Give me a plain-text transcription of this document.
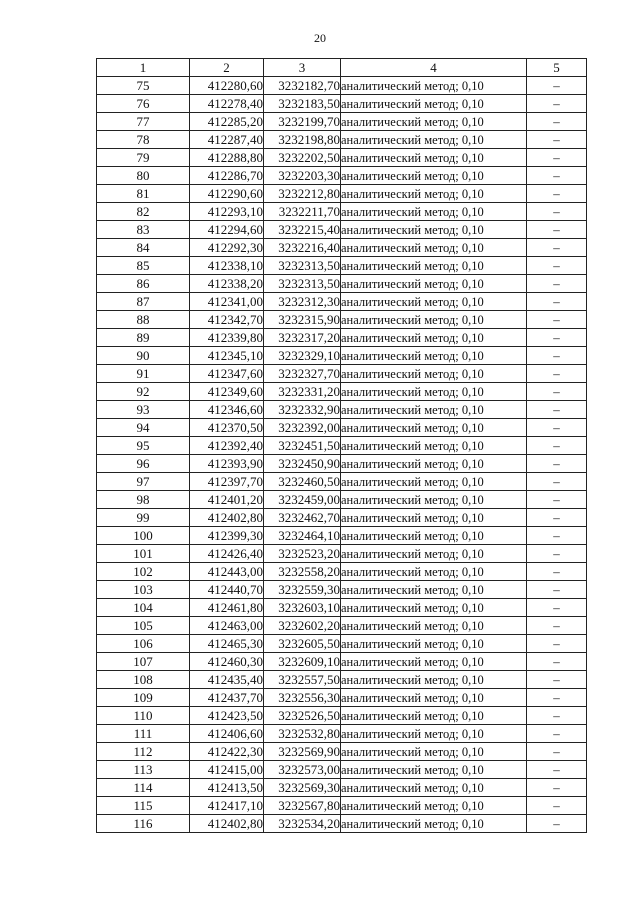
20
1	2	3	4	5
75	412280,60	3232182,70	аналитический метод; 0,10	–
76	412278,40	3232183,50	аналитический метод; 0,10	–
77	412285,20	3232199,70	аналитический метод; 0,10	–
78	412287,40	3232198,80	аналитический метод; 0,10	–
79	412288,80	3232202,50	аналитический метод; 0,10	–
80	412286,70	3232203,30	аналитический метод; 0,10	–
81	412290,60	3232212,80	аналитический метод; 0,10	–
82	412293,10	3232211,70	аналитический метод; 0,10	–
83	412294,60	3232215,40	аналитический метод; 0,10	–
84	412292,30	3232216,40	аналитический метод; 0,10	–
85	412338,10	3232313,50	аналитический метод; 0,10	–
86	412338,20	3232313,50	аналитический метод; 0,10	–
87	412341,00	3232312,30	аналитический метод; 0,10	–
88	412342,70	3232315,90	аналитический метод; 0,10	–
89	412339,80	3232317,20	аналитический метод; 0,10	–
90	412345,10	3232329,10	аналитический метод; 0,10	–
91	412347,60	3232327,70	аналитический метод; 0,10	–
92	412349,60	3232331,20	аналитический метод; 0,10	–
93	412346,60	3232332,90	аналитический метод; 0,10	–
94	412370,50	3232392,00	аналитический метод; 0,10	–
95	412392,40	3232451,50	аналитический метод; 0,10	–
96	412393,90	3232450,90	аналитический метод; 0,10	–
97	412397,70	3232460,50	аналитический метод; 0,10	–
98	412401,20	3232459,00	аналитический метод; 0,10	–
99	412402,80	3232462,70	аналитический метод; 0,10	–
100	412399,30	3232464,10	аналитический метод; 0,10	–
101	412426,40	3232523,20	аналитический метод; 0,10	–
102	412443,00	3232558,20	аналитический метод; 0,10	–
103	412440,70	3232559,30	аналитический метод; 0,10	–
104	412461,80	3232603,10	аналитический метод; 0,10	–
105	412463,00	3232602,20	аналитический метод; 0,10	–
106	412465,30	3232605,50	аналитический метод; 0,10	–
107	412460,30	3232609,10	аналитический метод; 0,10	–
108	412435,40	3232557,50	аналитический метод; 0,10	–
109	412437,70	3232556,30	аналитический метод; 0,10	–
110	412423,50	3232526,50	аналитический метод; 0,10	–
111	412406,60	3232532,80	аналитический метод; 0,10	–
112	412422,30	3232569,90	аналитический метод; 0,10	–
113	412415,00	3232573,00	аналитический метод; 0,10	–
114	412413,50	3232569,30	аналитический метод; 0,10	–
115	412417,10	3232567,80	аналитический метод; 0,10	–
116	412402,80	3232534,20	аналитический метод; 0,10	–
